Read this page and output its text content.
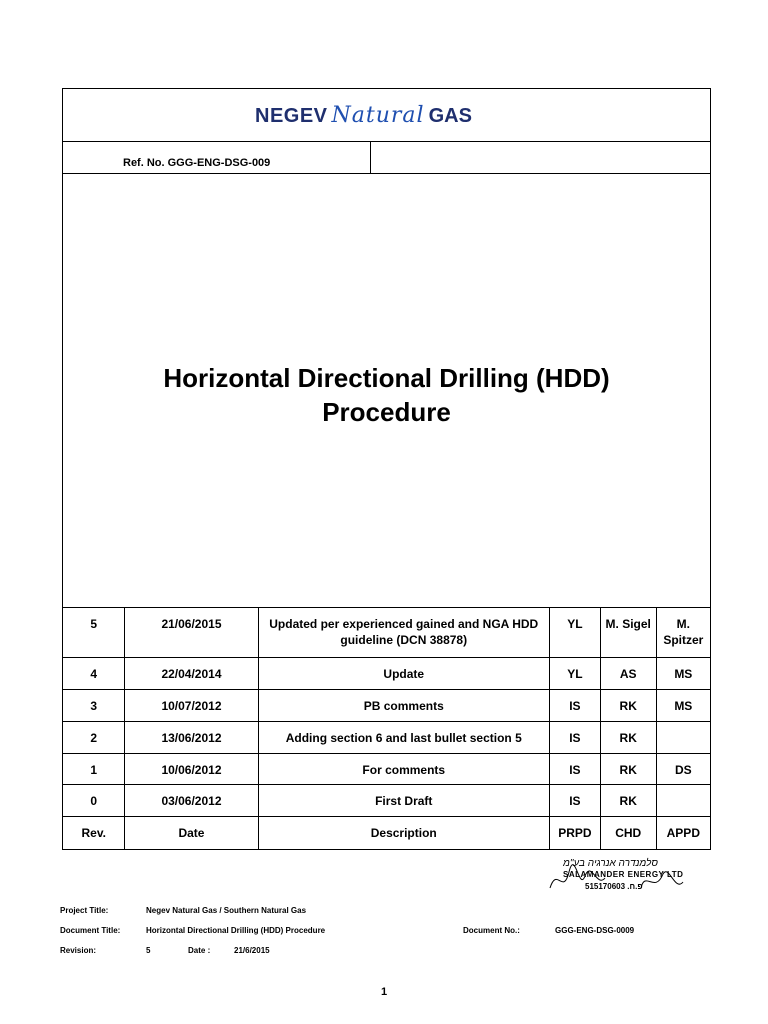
NEGEV Natural GAS
Ref. No. GGG-ENG-DSG-009
Horizontal Directional Drilling (HDD)
Procedure
5	21/06/2015	Updated per experienced gained and NGA HDD guideline (DCN 38878)	YL	M. Sigel	M. Spitzer
4	22/04/2014	Update	YL	AS	MS
3	10/07/2012	PB comments	IS	RK	MS
2	13/06/2012	Adding section 6 and last bullet section 5	IS	RK	
1	10/06/2012	For comments	IS	RK	DS
0	03/06/2012	First Draft	IS	RK	
Rev.	Date	Description	PRPD	CHD	APPD
סלמנדרה אנרגיה בע"מ
SALAMANDER ENERGY LTD
515170603 .פ.ח
Project Title:	Negev Natural Gas / Southern Natural Gas
Document Title:	Horizontal Directional Drilling (HDD) Procedure	Document No.:	GGG-ENG-DSG-0009
Revision:	5	Date :	21/6/2015
1
